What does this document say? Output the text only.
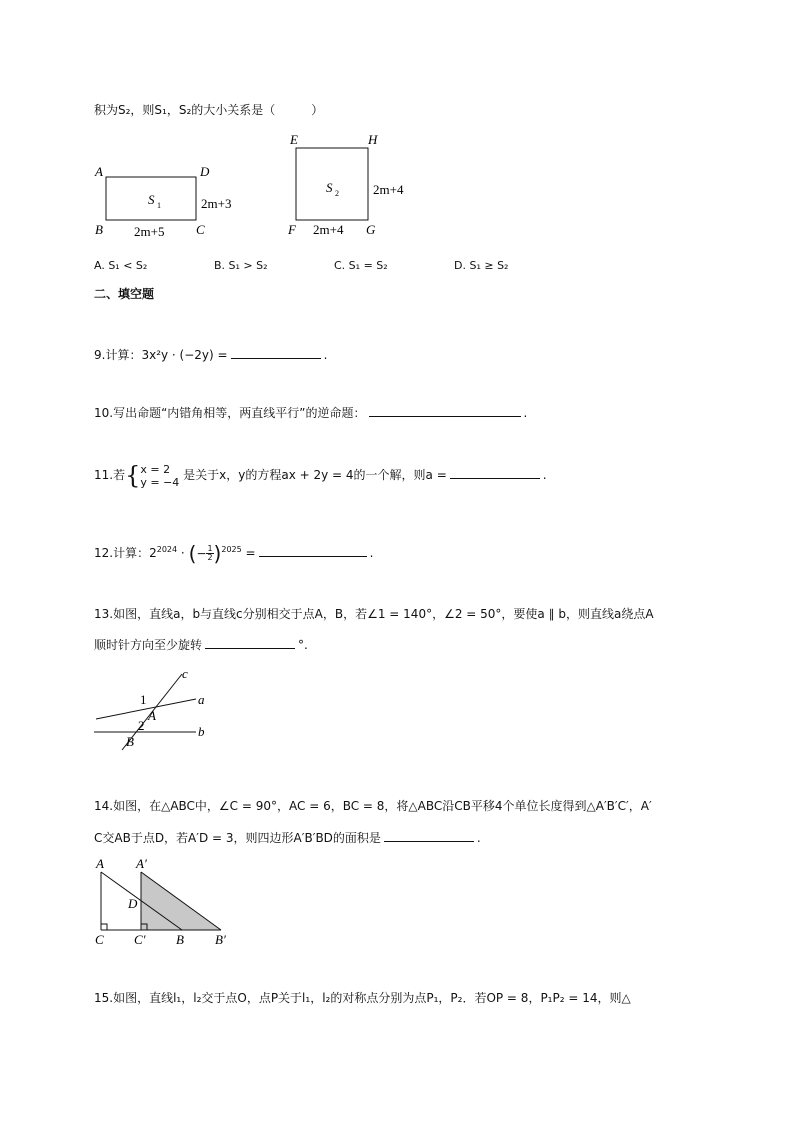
积为S₂，则S₁，S₂的大小关系是（　　　）
A	D
B	C
S 1	2m+3
2m+5
E	H
F	G
S 2	2m+4
2m+4
A. S₁ < S₂	B. S₁ > S₂	C. S₁ = S₂	D. S₁ ≥ S₂
二、填空题
9.计算：3x²y · (−2y) =	.
10.写出命题“内错角相等，两直线平行”的逆命题：	.
11.若{ x = 2
y = −4 是关于x，y的方程ax + 2y = 4的一个解，则a =	.
12.计算：$2^{2024}$ · (− $\frac{1}{2} )^{2025}$ =	.
13.如图，直线a，b与直线c分别相交于点A，B，若∠1 = 140°，∠2 = 50°，要使a ∥ b，则直线a绕点A
顺时针方向至少旋转	°.
c
a
b
1
2
A
B
14.如图，在△ABC中，∠C = 90°，AC = 6，BC = 8，将△ABC沿CB平移4个单位长度得到△A′B′C′，A′
C交AB于点D，若A′D = 3，则四边形A′B′BD的面积是	.
A A′
D
C C′ B B′
15.如图，直线l₁，l₂交于点O，点P关于l₁，l₂的对称点分别为点P₁，P₂．若OP = 8，P₁P₂ = 14，则△
